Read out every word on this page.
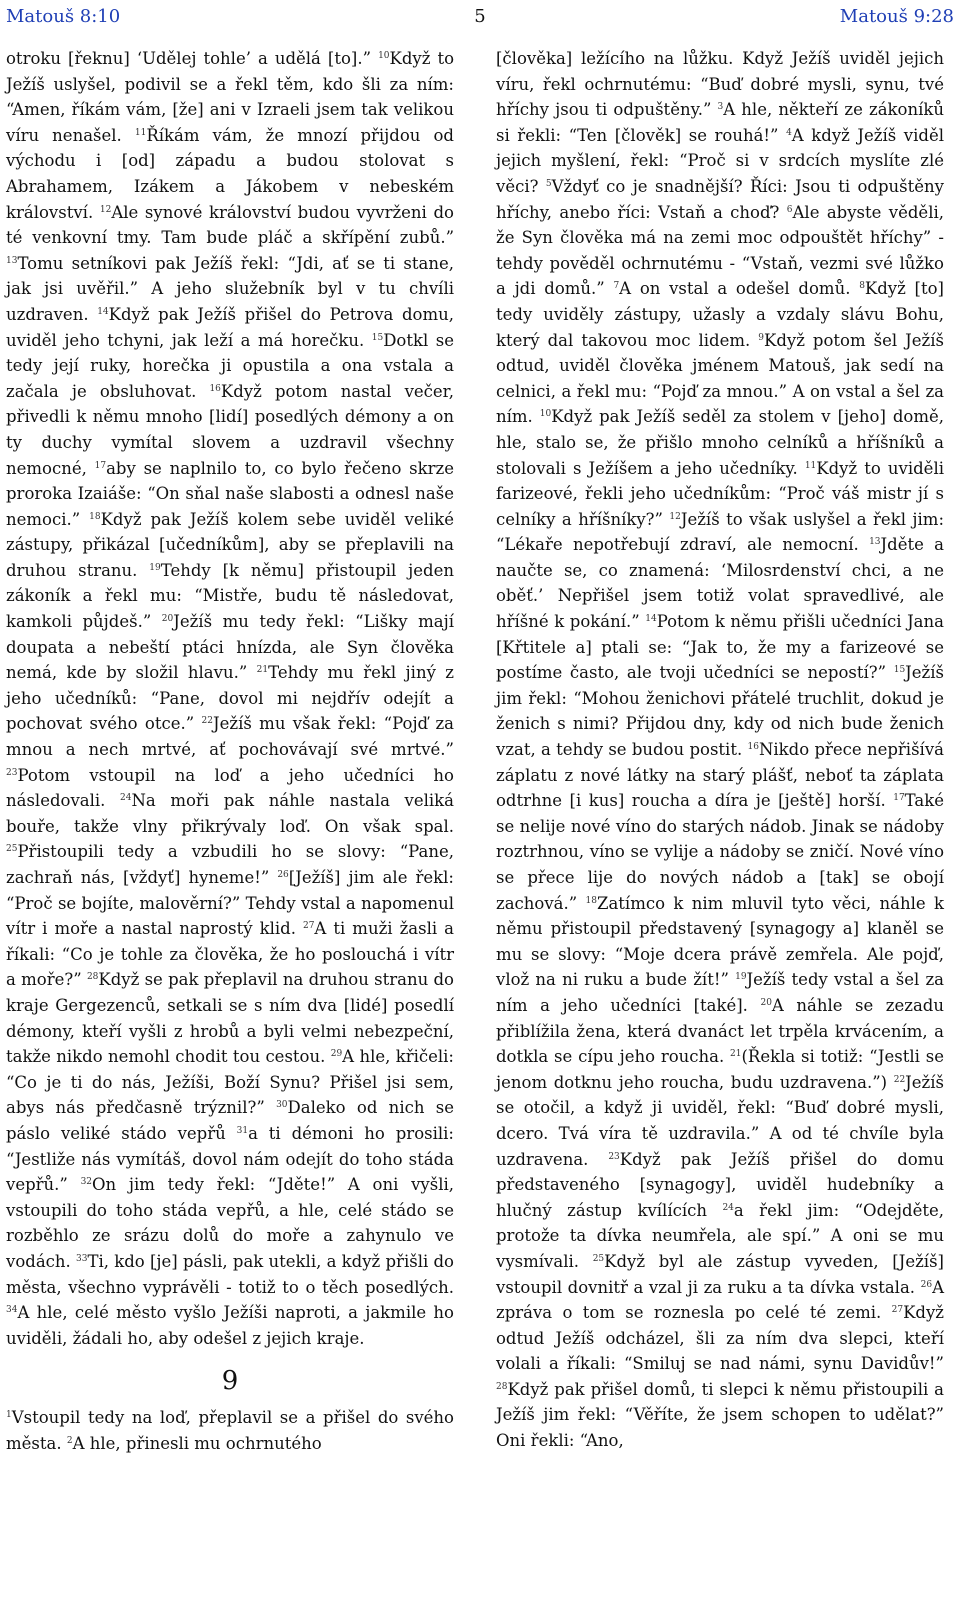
Matouš 8:10	5	Matouš 9:28

otroku [řeknu] ‘Udělej tohle’ a udělá [to].” $^{10}$Když to Ježíš uslyšel, podivil se a řekl těm, kdo šli za ním: “Amen, říkám vám, [že] ani v Izraeli jsem tak velikou víru nenašel. $^{11}$Říkám vám, že mnozí přijdou od východu i [od] západu a budou stolovat s Abrahamem, Izákem a Jákobem v nebeském království. $^{12}$Ale synové království budou vyvrženi do té venkovní tmy. Tam bude pláč a skřípění zubů.” $^{13}$Tomu setníkovi pak Ježíš řekl: “Jdi, ať se ti stane, jak jsi uvěřil.” A jeho služebník byl v tu chvíli uzdraven. $^{14}$Když pak Ježíš přišel do Petrova domu, uviděl jeho tchyni, jak leží a má horečku. $^{15}$Dotkl se tedy její ruky, horečka ji opustila a ona vstala a začala je obsluhovat. $^{16}$Když potom nastal večer, přivedli k němu mnoho [lidí] posedlých démony a on ty duchy vymítal slovem a uzdravil všechny nemocné, $^{17}$aby se naplnilo to, co bylo řečeno skrze proroka Izaiáše: “On sňal naše slabosti a odnesl naše nemoci.” $^{18}$Když pak Ježíš kolem sebe uviděl veliké zástupy, přikázal [učedníkům], aby se přeplavili na druhou stranu. $^{19}$Tehdy [k němu] přistoupil jeden zákoník a řekl mu: “Mistře, budu tě následovat, kamkoli půjdeš.” $^{20}$Ježíš mu tedy řekl: “Lišky mají doupata a nebeští ptáci hnízda, ale Syn člověka nemá, kde by složil hlavu.” $^{21}$Tehdy mu řekl jiný z jeho učedníků: “Pane, dovol mi nejdřív odejít a pochovat svého otce.” $^{22}$Ježíš mu však řekl: “Pojď za mnou a nech mrtvé, ať pochovávají své mrtvé.” $^{23}$Potom vstoupil na loď a jeho učedníci ho následovali. $^{24}$Na moři pak náhle nastala veliká bouře, takže vlny přikrývaly loď. On však spal. $^{25}$Přistoupili tedy a vzbudili ho se slovy: “Pane, zachraň nás, [vždyť] hyneme!” $^{26}$[Ježíš] jim ale řekl: “Proč se bojíte, malověrní?” Tehdy vstal a napomenul vítr i moře a nastal naprostý klid. $^{27}$A ti muži žasli a říkali: “Co je tohle za člověka, že ho poslouchá i vítr a moře?” $^{28}$Když se pak přeplavil na druhou stranu do kraje Gergezenců, setkali se s ním dva [lidé] posedlí démony, kteří vyšli z hrobů a byli velmi nebezpeční, takže nikdo nemohl chodit tou cestou. $^{29}$A hle, křičeli: “Co je ti do nás, Ježíši, Boží Synu? Přišel jsi sem, abys nás předčasně trýznil?” $^{30}$Daleko od nich se páslo veliké stádo vepřů $^{31}$a ti démoni ho prosili: “Jestliže nás vymítáš, dovol nám odejít do toho stáda vepřů.” $^{32}$On jim tedy řekl: “Jděte!” A oni vyšli, vstoupili do toho stáda vepřů, a hle, celé stádo se rozběhlo ze srázu dolů do moře a zahynulo ve vodách. $^{33}$Ti, kdo [je] pásli, pak utekli, a když přišli do města, všechno vyprávěli - totiž to o těch posedlých. $^{34}$A hle, celé město vyšlo Ježíši naproti, a jakmile ho uviděli, žádali ho, aby odešel z jejich kraje.

9

$^1$Vstoupil tedy na loď, přeplavil se a přišel do svého města. $^2$A hle, přinesli mu ochrnutého

[člověka] ležícího na lůžku. Když Ježíš uviděl jejich víru, řekl ochrnutému: “Buď dobré mysli, synu, tvé hříchy jsou ti odpuštěny.” $^3$A hle, někteří ze zákoníků si řekli: “Ten [člověk] se rouhá!” $^4$A když Ježíš viděl jejich myšlení, řekl: “Proč si v srdcích myslíte zlé věci? $^5$Vždyť co je snadnější? Říci: Jsou ti odpuštěny hříchy, anebo říci: Vstaň a choď? $^6$Ale abyste věděli, že Syn člověka má na zemi moc odpouštět hříchy” - tehdy pověděl ochrnutému - “Vstaň, vezmi své lůžko a jdi domů.” $^7$A on vstal a odešel domů. $^8$Když [to] tedy uviděly zástupy, užasly a vzdaly slávu Bohu, který dal takovou moc lidem. $^9$Když potom šel Ježíš odtud, uviděl člověka jménem Matouš, jak sedí na celnici, a řekl mu: “Pojď za mnou.” A on vstal a šel za ním. $^{10}$Když pak Ježíš seděl za stolem v [jeho] domě, hle, stalo se, že přišlo mnoho celníků a hříšníků a stolovali s Ježíšem a jeho učedníky. $^{11}$Když to uviděli farizeové, řekli jeho učedníkům: “Proč váš mistr jí s celníky a hříšníky?” $^{12}$Ježíš to však uslyšel a řekl jim: “Lékaře nepotřebují zdraví, ale nemocní. $^{13}$Jděte a naučte se, co znamená: ‘Milosrdenství chci, a ne oběť.’ Nepřišel jsem totiž volat spravedlivé, ale hříšné k pokání.” $^{14}$Potom k němu přišli učedníci Jana [Křtitele a] ptali se: “Jak to, že my a farizeové se postíme často, ale tvoji učedníci se nepostí?” $^{15}$Ježíš jim řekl: “Mohou ženichovi přátelé truchlit, dokud je ženich s nimi? Přijdou dny, kdy od nich bude ženich vzat, a tehdy se budou postit. $^{16}$Nikdo přece nepřišívá záplatu z nové látky na starý plášť, neboť ta záplata odtrhne [i kus] roucha a díra je [ještě] horší. $^{17}$Také se nelije nové víno do starých nádob. Jinak se nádoby roztrhnou, víno se vylije a nádoby se zničí. Nové víno se přece lije do nových nádob a [tak] se obojí zachová.” $^{18}$Zatímco k nim mluvil tyto věci, náhle k němu přistoupil představený [synagogy a] klaněl se mu se slovy: “Moje dcera právě zemřela. Ale pojď, vlož na ni ruku a bude žít!” $^{19}$Ježíš tedy vstal a šel za ním a jeho učedníci [také]. $^{20}$A náhle se zezadu přiblížila žena, která dvanáct let trpěla krvácením, a dotkla se cípu jeho roucha. $^{21}$(Řekla si totiž: “Jestli se jenom dotknu jeho roucha, budu uzdravena.”) $^{22}$Ježíš se otočil, a když ji uviděl, řekl: “Buď dobré mysli, dcero. Tvá víra tě uzdravila.” A od té chvíle byla uzdravena. $^{23}$Když pak Ježíš přišel do domu představeného [synagogy], uviděl hudebníky a hlučný zástup kvílících $^{24}$a řekl jim: “Odejděte, protože ta dívka neumřela, ale spí.” A oni se mu vysmívali. $^{25}$Když byl ale zástup vyveden, [Ježíš] vstoupil dovnitř a vzal ji za ruku a ta dívka vstala. $^{26}$A zpráva o tom se roznesla po celé té zemi. $^{27}$Když odtud Ježíš odcházel, šli za ním dva slepci, kteří volali a říkali: “Smiluj se nad námi, synu Davidův!” $^{28}$Když pak přišel domů, ti slepci k němu přistoupili a Ježíš jim řekl: “Věříte, že jsem schopen to udělat?” Oni řekli: “Ano,
